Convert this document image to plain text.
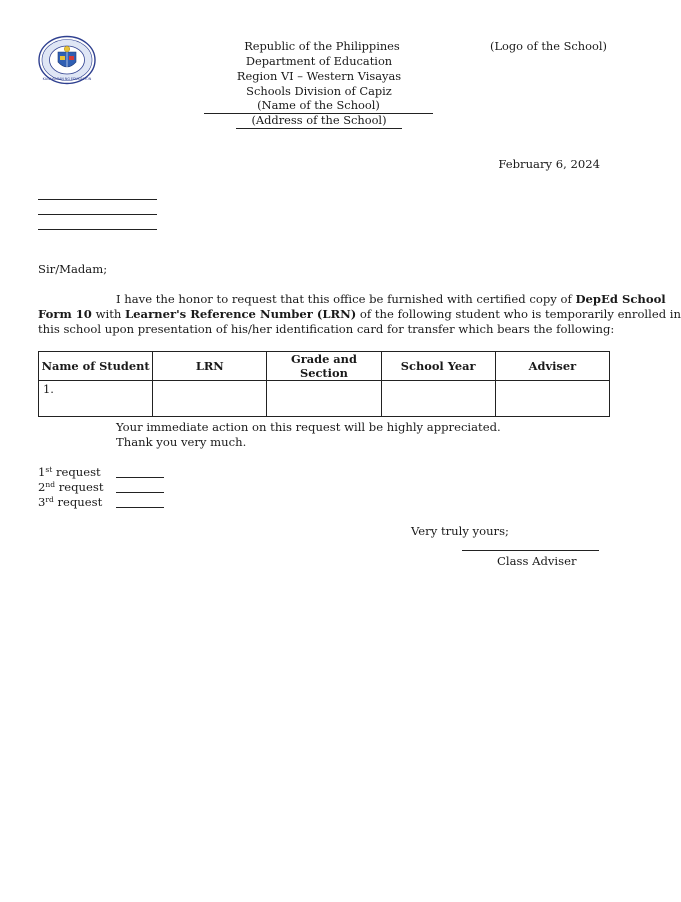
KAGAWARAN NG EDUKASYON
Republic of the Philippines
Department of Education
Region VI – Western Visayas
Schools Division of Capiz
(Name of the School)
(Address of the School)
(Logo of the School)
February 6, 2024
Sir/Madam;
I have the honor to request that this office be furnished with certified copy of DepEd School
Form 10 with Learner's Reference Number (LRN) of the following student who is temporarily enrolled in
this school upon presentation of his/her identification card for transfer which bears the following:
Name of Student	LRN	Grade and Section	School Year	Adviser
1.				
Your immediate action on this request will be highly appreciated.
Thank you very much.
1st request
2nd request
3rd request
Very truly yours;
Class Adviser
